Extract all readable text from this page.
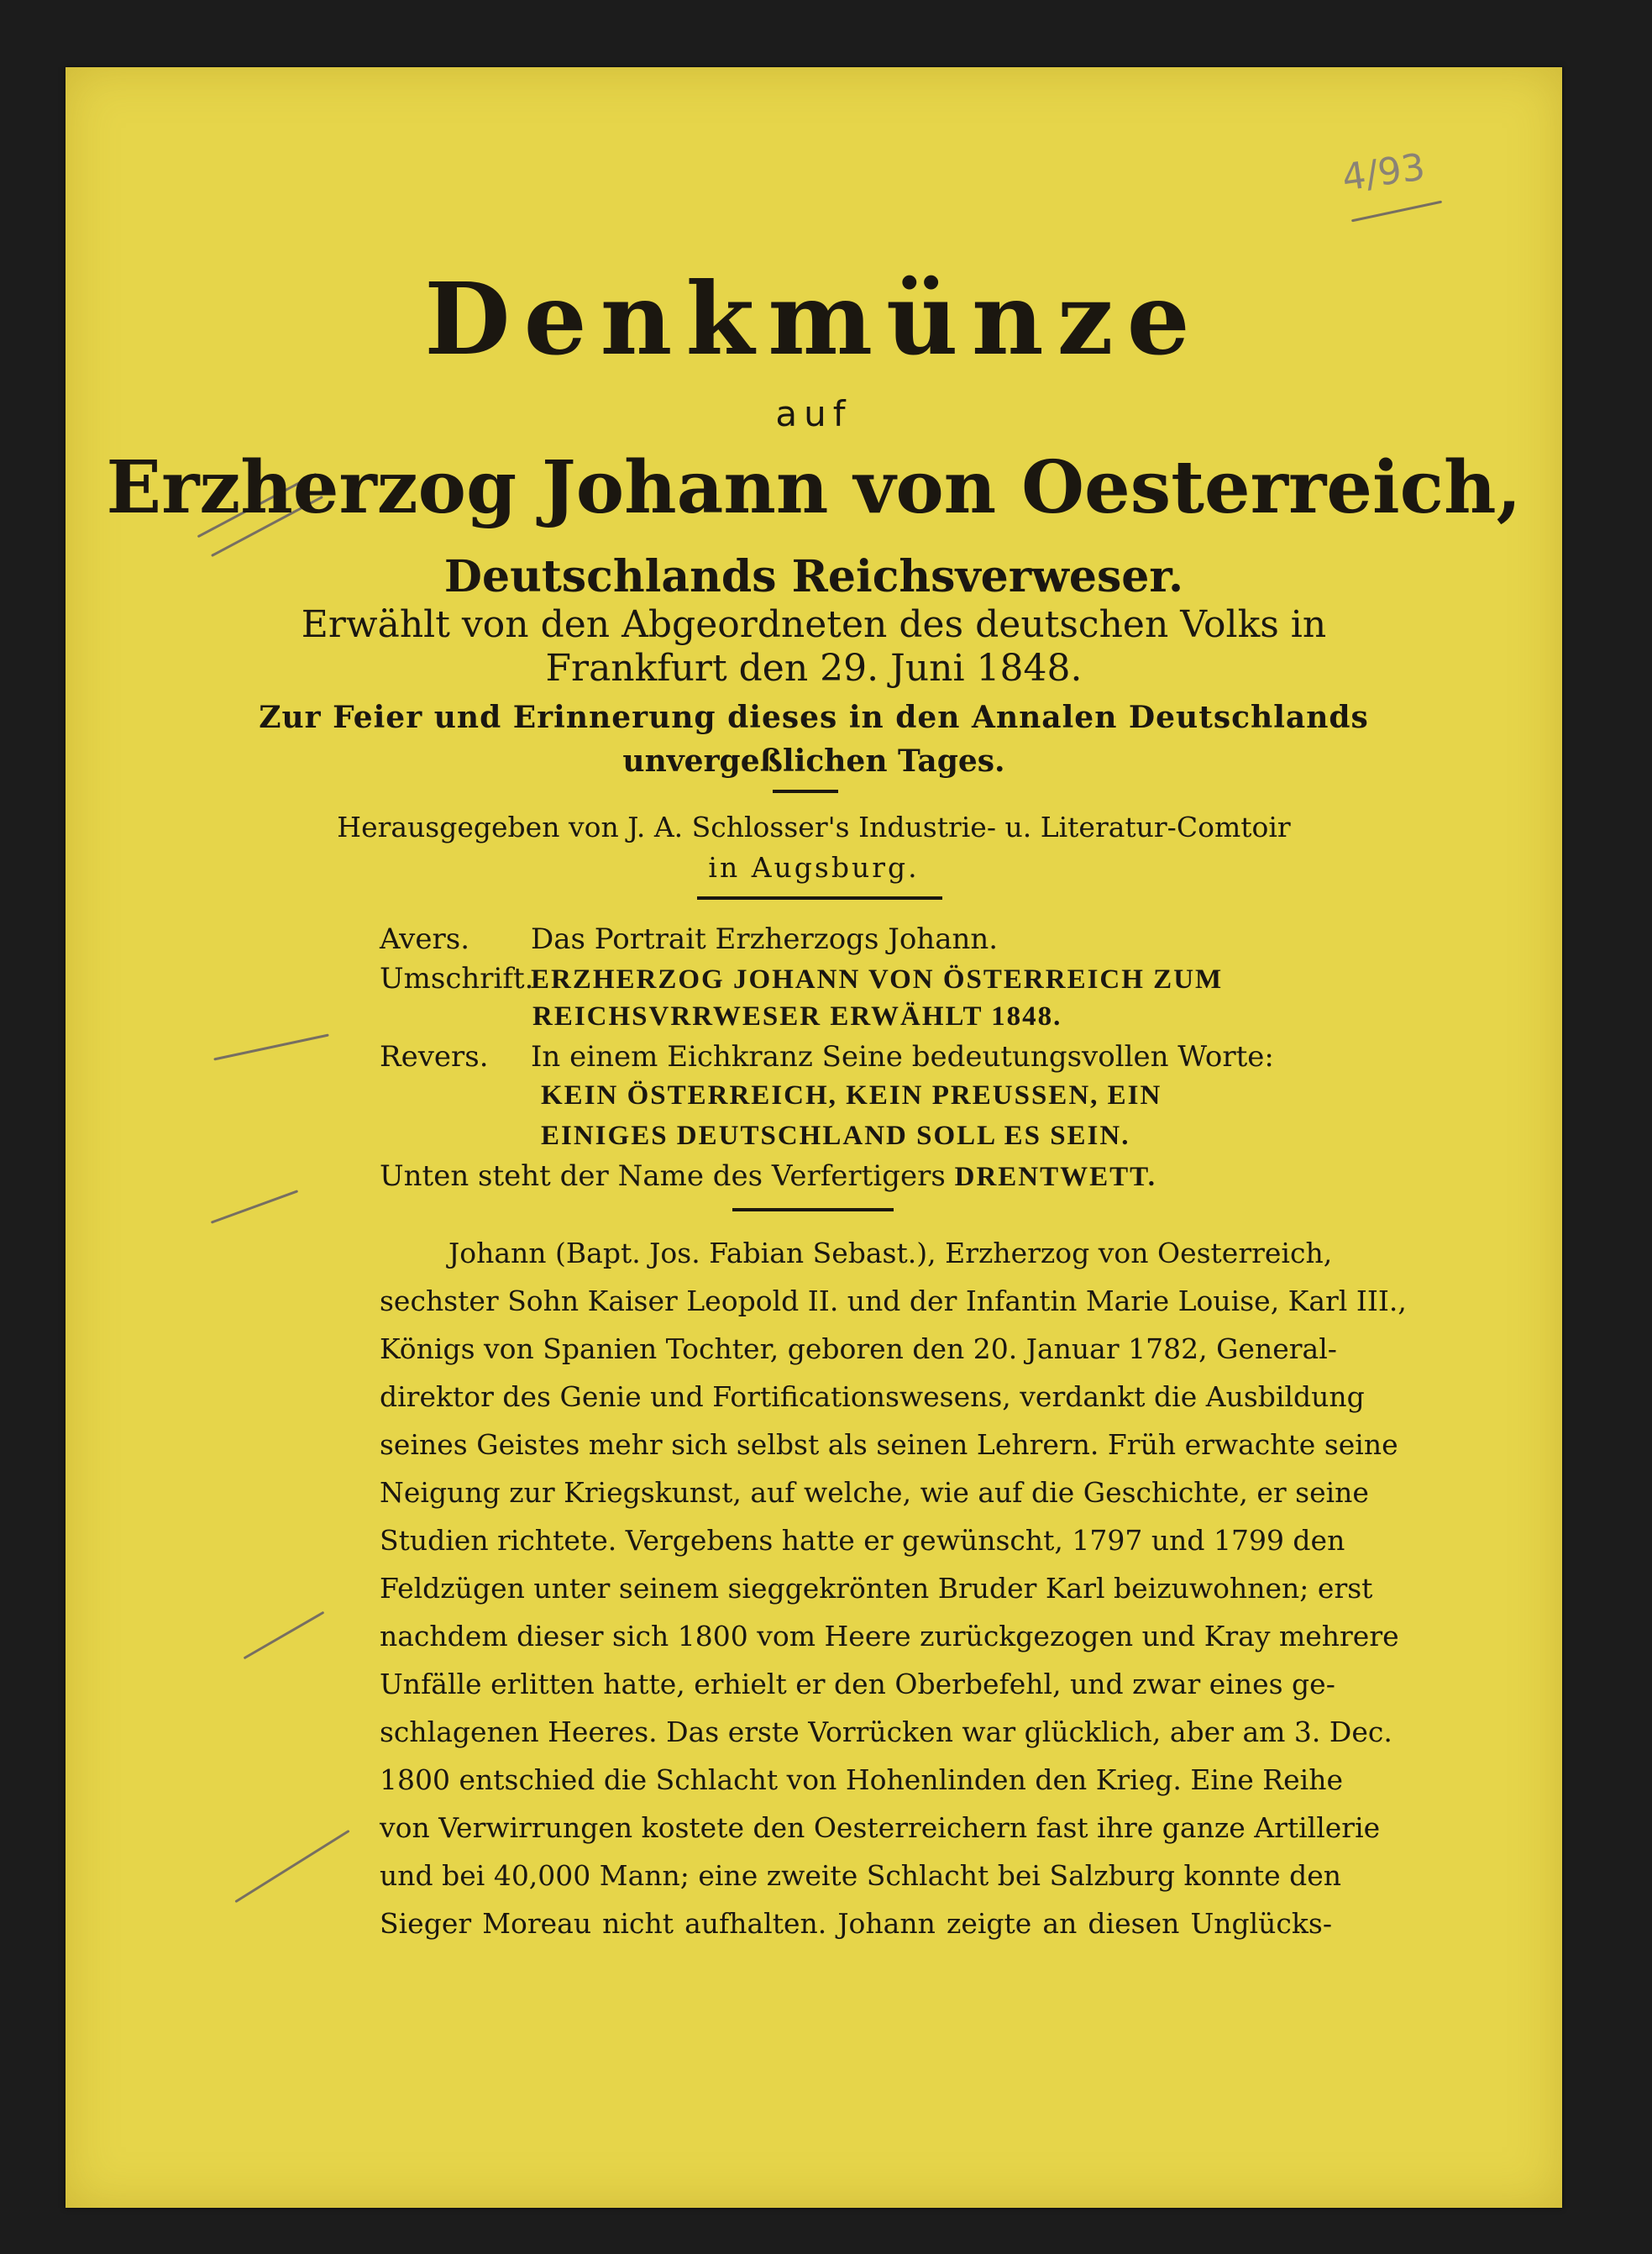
4/93
Denkmünze
auf
Erzherzog Johann von Oesterreich,
Deutschlands Reichsverweser.
Erwählt von den Abgeordneten des deutschen Volks in
Frankfurt den 29. Juni 1848.
Zur Feier und Erinnerung dieses in den Annalen Deutschlands
unvergeßlichen Tages.
Herausgegeben von J. A. Schlosser's Industrie- u. Literatur-Comtoir
in Augsburg.
Avers. Das Portrait Erzherzogs Johann.
Umschrift.ERZHERZOG JOHANN VON ÖSTERREICH ZUM
REICHSVRRWESER ERWÄHLT 1848.
Revers. In einem Eichkranz Seine bedeutungsvollen Worte:
KEIN ÖSTERREICH, KEIN PREUSSEN, EIN
EINIGES DEUTSCHLAND SOLL ES SEIN.
Unten steht der Name des Verfertigers DRENTWETT.
Johann (Bapt. Jos. Fabian Sebast.), Erzherzog von Oesterreich,
sechster Sohn Kaiser Leopold II. und der Infantin Marie Louise, Karl III.,
Königs von Spanien Tochter, geboren den 20. Januar 1782, General-
direktor des Genie und Fortificationswesens, verdankt die Ausbildung
seines Geistes mehr sich selbst als seinen Lehrern. Früh erwachte seine
Neigung zur Kriegskunst, auf welche, wie auf die Geschichte, er seine
Studien richtete. Vergebens hatte er gewünscht, 1797 und 1799 den
Feldzügen unter seinem sieggekrönten Bruder Karl beizuwohnen; erst
nachdem dieser sich 1800 vom Heere zurückgezogen und Kray mehrere
Unfälle erlitten hatte, erhielt er den Oberbefehl, und zwar eines ge-
schlagenen Heeres. Das erste Vorrücken war glücklich, aber am 3. Dec.
1800 entschied die Schlacht von Hohenlinden den Krieg. Eine Reihe
von Verwirrungen kostete den Oesterreichern fast ihre ganze Artillerie
und bei 40,000 Mann; eine zweite Schlacht bei Salzburg konnte den
Sieger Moreau nicht aufhalten. Johann zeigte an diesen Unglücks-
